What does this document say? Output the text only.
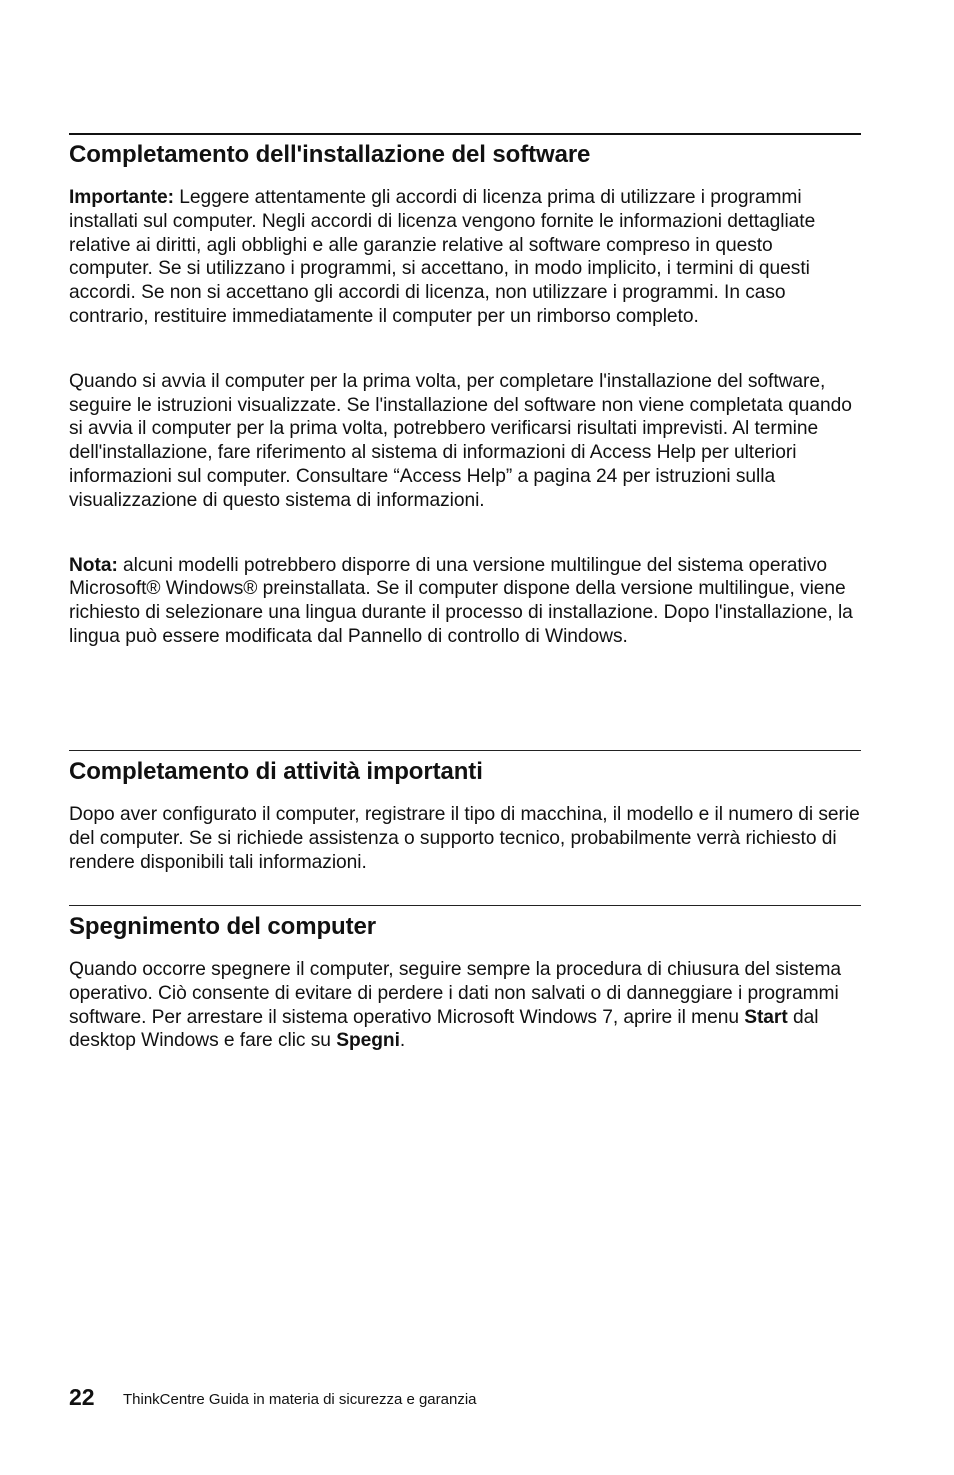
Completamento dell'installazione del software

Importante: Leggere attentamente gli accordi di licenza prima di utilizzare i programmi installati sul computer. Negli accordi di licenza vengono fornite le informazioni dettagliate relative ai diritti, agli obblighi e alle garanzie relative al software compreso in questo computer. Se si utilizzano i programmi, si accettano, in modo implicito, i termini di questi accordi. Se non si accettano gli accordi di licenza, non utilizzare i programmi. In caso contrario, restituire immediatamente il computer per un rimborso completo.

Quando si avvia il computer per la prima volta, per completare l'installazione del software, seguire le istruzioni visualizzate. Se l'installazione del software non viene completata quando si avvia il computer per la prima volta, potrebbero verificarsi risultati imprevisti. Al termine dell'installazione, fare riferimento al sistema di informazioni di Access Help per ulteriori informazioni sul computer. Consultare “Access Help” a pagina 24 per istruzioni sulla visualizzazione di questo sistema di informazioni.

Nota: alcuni modelli potrebbero disporre di una versione multilingue del sistema operativo Microsoft® Windows® preinstallata. Se il computer dispone della versione multilingue, viene richiesto di selezionare una lingua durante il processo di installazione. Dopo l'installazione, la lingua può essere modificata dal Pannello di controllo di Windows.

Completamento di attività importanti

Dopo aver configurato il computer, registrare il tipo di macchina, il modello e il numero di serie del computer. Se si richiede assistenza o supporto tecnico, probabilmente verrà richiesto di rendere disponibili tali informazioni.

Spegnimento del computer

Quando occorre spegnere il computer, seguire sempre la procedura di chiusura del sistema operativo. Ciò consente di evitare di perdere i dati non salvati o di danneggiare i programmi software. Per arrestare il sistema operativo Microsoft Windows 7, aprire il menu Start dal desktop Windows e fare clic su Spegni.

22 ThinkCentre Guida in materia di sicurezza e garanzia
